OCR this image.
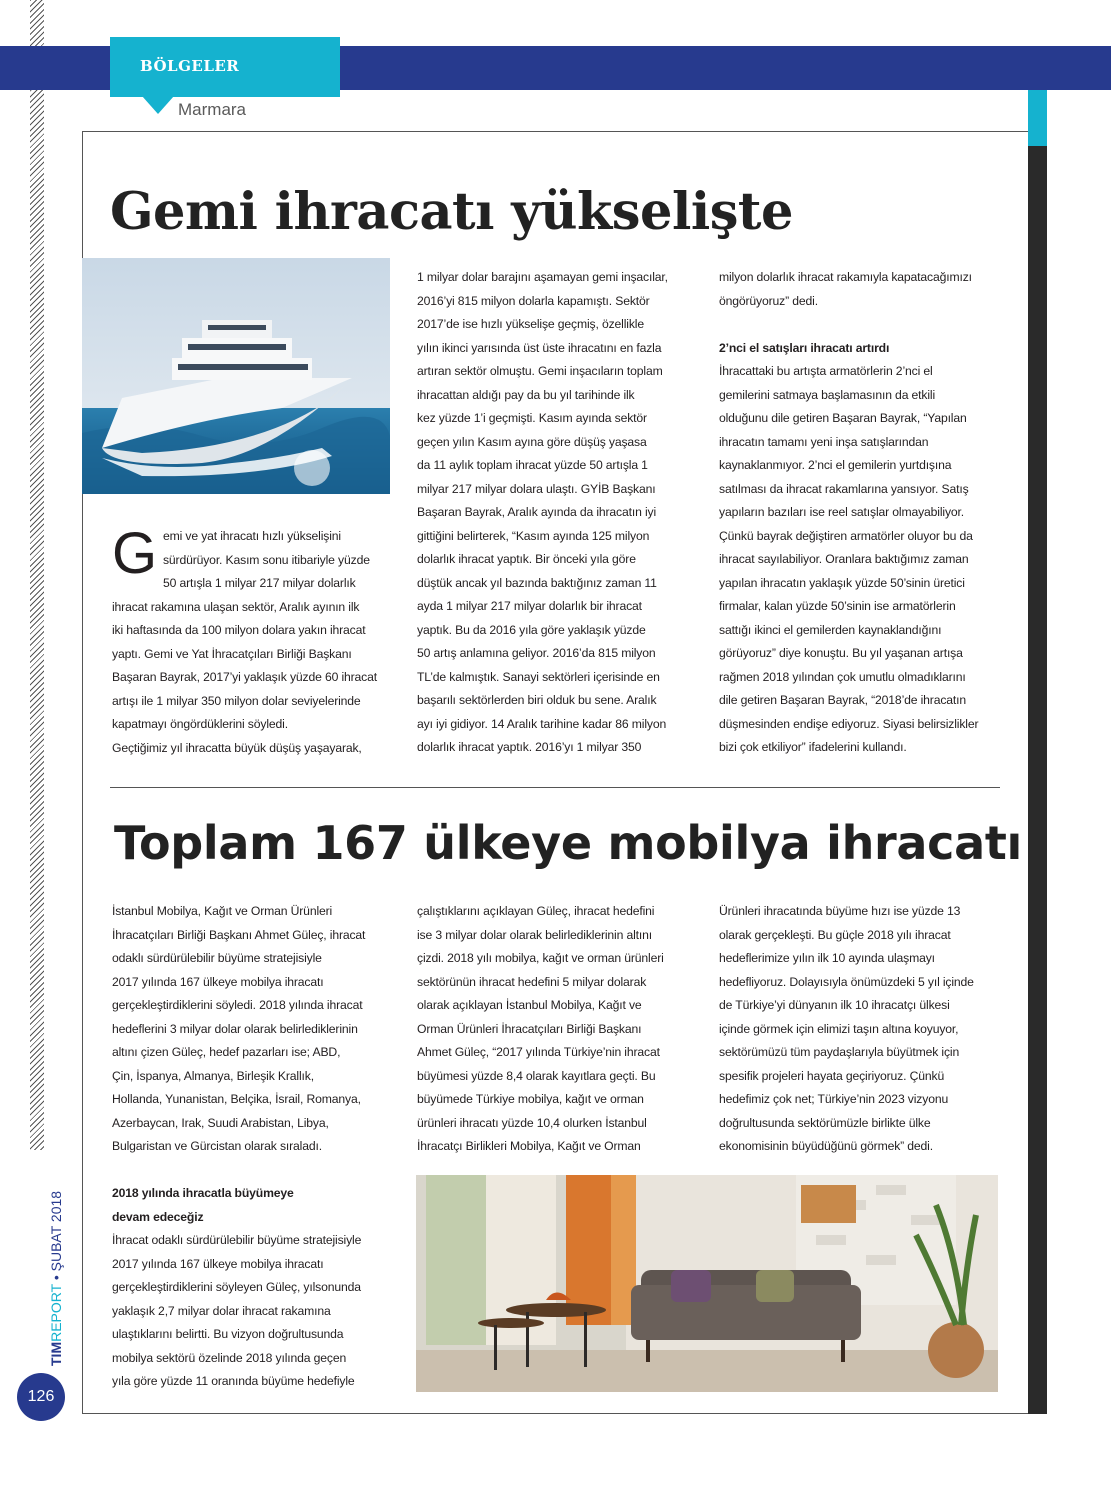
BÖLGELER
Marmara
Gemi ihracatı yükselişte
G emi ve yat ihracatı hızlı yükselişini
sürdürüyor. Kasım sonu itibariyle yüzde
50 artışla 1 milyar 217 milyar dolarlık
ihracat rakamına ulaşan sektör, Aralık ayının ilk
iki haftasında da 100 milyon dolara yakın ihracat
yaptı. Gemi ve Yat İhracatçıları Birliği Başkanı
Başaran Bayrak, 2017’yi yaklaşık yüzde 60 ihracat
artışı ile 1 milyar 350 milyon dolar seviyelerinde
kapatmayı öngördüklerini söyledi.
Geçtiğimiz yıl ihracatta büyük düşüş yaşayarak,
1 milyar dolar barajını aşamayan gemi inşacılar,
2016’yi 815 milyon dolarla kapamıştı. Sektör
2017’de ise hızlı yükselişe geçmiş, özellikle
yılın ikinci yarısında üst üste ihracatını en fazla
artıran sektör olmuştu. Gemi inşacıların toplam
ihracattan aldığı pay da bu yıl tarihinde ilk
kez yüzde 1’i geçmişti. Kasım ayında sektör
geçen yılın Kasım ayına göre düşüş yaşasa
da 11 aylık toplam ihracat yüzde 50 artışla 1
milyar 217 milyar dolara ulaştı. GYİB Başkanı
Başaran Bayrak, Aralık ayında da ihracatın iyi
gittiğini belirterek, “Kasım ayında 125 milyon
dolarlık ihracat yaptık. Bir önceki yıla göre
düştük ancak yıl bazında baktığınız zaman 11
ayda 1 milyar 217 milyar dolarlık bir ihracat
yaptık. Bu da 2016 yıla göre yaklaşık yüzde
50 artış anlamına geliyor. 2016’da 815 milyon
TL’de kalmıştık. Sanayi sektörleri içerisinde en
başarılı sektörlerden biri olduk bu sene. Aralık
ayı iyi gidiyor. 14 Aralık tarihine kadar 86 milyon
dolarlık ihracat yaptık. 2016’yı 1 milyar 350
milyon dolarlık ihracat rakamıyla kapatacağımızı
öngörüyoruz” dedi.
2’nci el satışları ihracatı artırdı
İhracattaki bu artışta armatörlerin 2’nci el
gemilerini satmaya başlamasının da etkili
olduğunu dile getiren Başaran Bayrak, “Yapılan
ihracatın tamamı yeni inşa satışlarından
kaynaklanmıyor. 2’nci el gemilerin yurtdışına
satılması da ihracat rakamlarına yansıyor. Satış
yapıların bazıları ise reel satışlar olmayabiliyor.
Çünkü bayrak değiştiren armatörler oluyor bu da
ihracat sayılabiliyor. Oranlara baktığımız zaman
yapılan ihracatın yaklaşık yüzde 50’sinin üretici
firmalar, kalan yüzde 50’sinin ise armatörlerin
sattığı ikinci el gemilerden kaynaklandığını
görüyoruz” diye konuştu. Bu yıl yaşanan artışa
rağmen 2018 yılından çok umutlu olmadıklarını
dile getiren Başaran Bayrak, “2018’de ihracatın
düşmesinden endişe ediyoruz. Siyasi belirsizlikler
bizi çok etkiliyor” ifadelerini kullandı.
Toplam 167 ülkeye mobilya ihracatı
İstanbul Mobilya, Kağıt ve Orman Ürünleri
İhracatçıları Birliği Başkanı Ahmet Güleç, ihracat
odaklı sürdürülebilir büyüme stratejisiyle
2017 yılında 167 ülkeye mobilya ihracatı
gerçekleştirdiklerini söyledi. 2018 yılında ihracat
hedeflerini 3 milyar dolar olarak belirlediklerinin
altını çizen Güleç, hedef pazarları ise; ABD,
Çin, İspanya, Almanya, Birleşik Krallık,
Hollanda, Yunanistan, Belçika, İsrail, Romanya,
Azerbaycan, Irak, Suudi Arabistan, Libya,
Bulgaristan ve Gürcistan olarak sıraladı.
2018 yılında ihracatla büyümeye
devam edeceğiz
İhracat odaklı sürdürülebilir büyüme stratejisiyle
2017 yılında 167 ülkeye mobilya ihracatı
gerçekleştirdiklerini söyleyen Güleç, yılsonunda
yaklaşık 2,7 milyar dolar ihracat rakamına
ulaştıklarını belirtti. Bu vizyon doğrultusunda
mobilya sektörü özelinde 2018 yılında geçen
yıla göre yüzde 11 oranında büyüme hedefiyle
çalıştıklarını açıklayan Güleç, ihracat hedefini
ise 3 milyar dolar olarak belirlediklerinin altını
çizdi. 2018 yılı mobilya, kağıt ve orman ürünleri
sektörünün ihracat hedefini 5 milyar dolarak
olarak açıklayan İstanbul Mobilya, Kağıt ve
Orman Ürünleri İhracatçıları Birliği Başkanı
Ahmet Güleç, “2017 yılında Türkiye’nin ihracat
büyümesi yüzde 8,4 olarak kayıtlara geçti. Bu
büyümede Türkiye mobilya, kağıt ve orman
ürünleri ihracatı yüzde 10,4 olurken İstanbul
İhracatçı Birlikleri Mobilya, Kağıt ve Orman
Ürünleri ihracatında büyüme hızı ise yüzde 13
olarak gerçekleşti. Bu güçle 2018 yılı ihracat
hedeflerimize yılın ilk 10 ayında ulaşmayı
hedefliyoruz. Dolayısıyla önümüzdeki 5 yıl içinde
de Türkiye’yi dünyanın ilk 10 ihracatçı ülkesi
içinde görmek için elimizi taşın altına koyuyor,
sektörümüzü tüm paydaşlarıyla büyütmek için
spesifik projeleri hayata geçiriyoruz. Çünkü
hedefimiz çok net; Türkiye’nin 2023 vizyonu
doğrultusunda sektörümüzle birlikte ülke
ekonomisinin büyüdüğünü görmek” dedi.
TIMREPORT • ŞUBAT 2018
126
